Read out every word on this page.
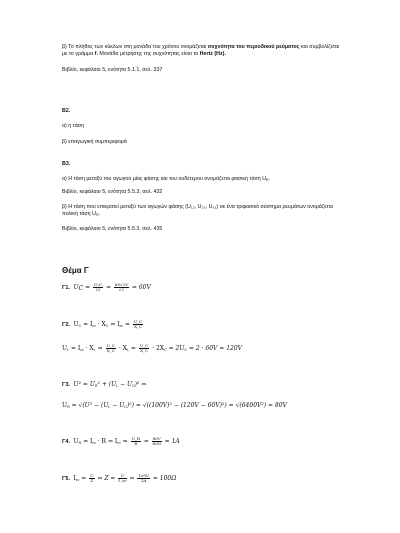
β) Το πλήθος των κύκλων στη μονάδα του χρόνου ονομάζεται συχνότητα του περιοδικού ρεύματος και συμβολίζεται με το γράμμα f. Μονάδα μέτρησης της συχνότητας είναι το Hertz (Hz).
Βιβλίο, κεφάλαιο 5, ενότητα 5.1.1, σελ. 337
Β2.
α) η τάση
β) επαγωγική συμπεριφορά
Β3.
α) Η τάση μεταξύ του αγωγού μίας φάσης και του ουδέτερου ονομάζεται φασική τάση $U_R$.
Βιβλίο, κεφάλαιο 5, ενότητα 5.5.3, σελ. 432
β) Η τάση που επικρατεί μεταξύ των αγωγών φάσης (U₁₂, U₂₃, U₃₁) σε ένα τριφασικό σύστημα ρευμάτων ονομάζεται πολική τάση $U_\Pi$.
Βιβλίο, κεφάλαιο 5, ενότητα 5.5.3, σελ. 435
Θέμα Γ
Γ1. $U_C = \frac{\text{U₀C}}{√2} = \frac{60√2V}{√2} = 60V$
Γ2. $U_C = I_{\varepsilon\nu} \cdot X_C$ ⇔ $I_{\varepsilon\nu} = \frac{U\_C}{X\_C}$
$U_L = I_{\varepsilon\nu} \cdot X_L = \frac{U\_C}{X\_C} \cdot X_L = \frac{U\_C}{X\_C} \cdot 2X_C = 2U_C = 2 \cdot 60V = 120V$
Γ3. $U^2 = U_R^2 + (U_L - U_C)^2$ ⇔
$U_R = √(U^2 - (U_L - U_C)^2) = √((100V)^2 - (120V - 60V)^2) = √(6400V^2) = 80V$
Γ4. $U_R = I_{\varepsilon\nu} \cdot R$ ⇔ $I_{\varepsilon\nu} = \frac{U\_R}{R} = \frac{80V}{80\Omega} = 1A$
Γ5. $I_{\varepsilon\nu} = \frac{U}{Z}$ ⇔ $Z = \frac{U}{I\_\varepsilon\nu} = \frac{100V}{1A} = 100\Omega$
